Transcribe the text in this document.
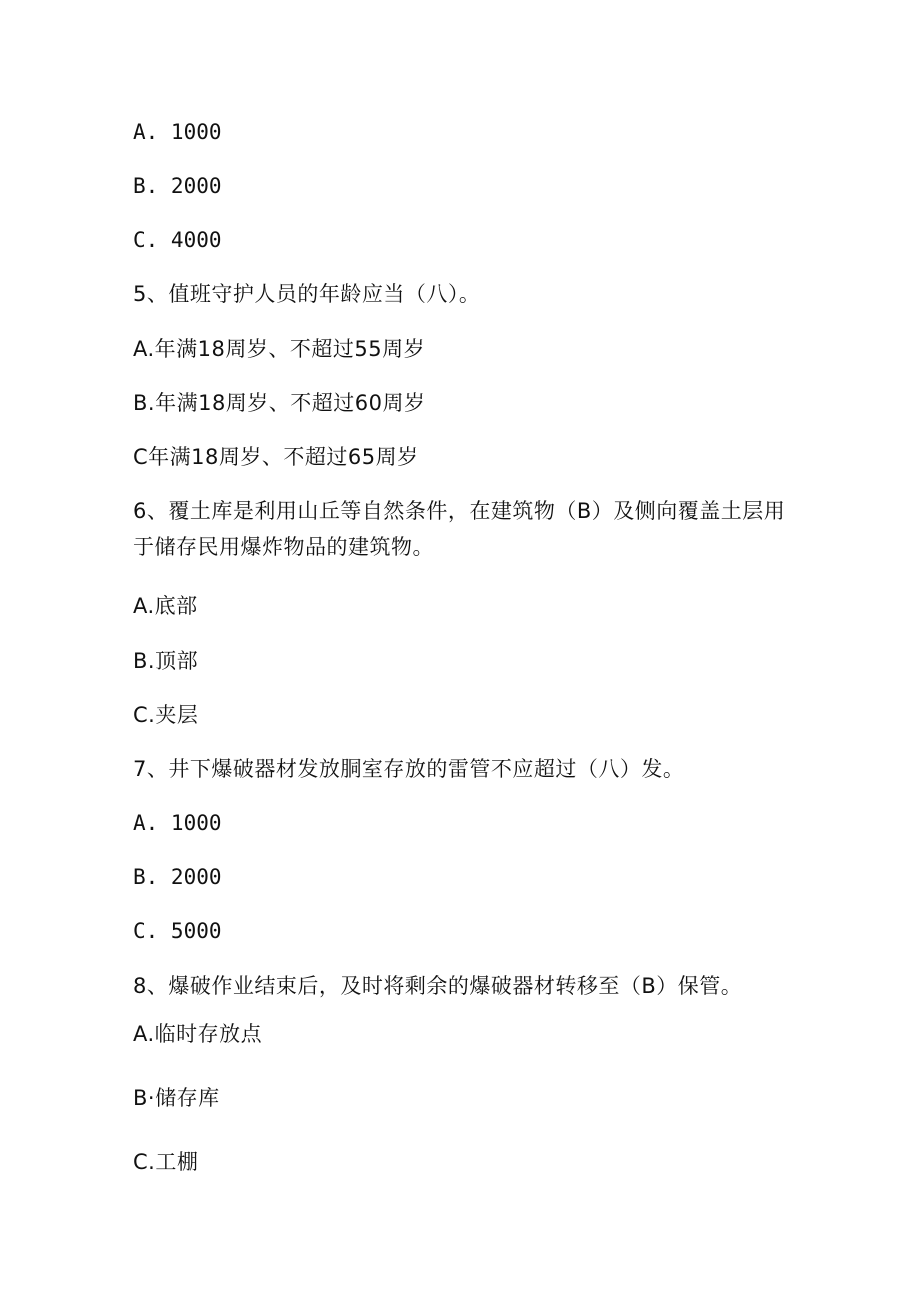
A. 1000
B. 2000
C. 4000
5、值班守护人员的年龄应当（八）。
A.年满18周岁、不超过55周岁
B.年满18周岁、不超过60周岁
C年满18周岁、不超过65周岁
6、覆土库是利用山丘等自然条件，在建筑物（B）及侧向覆盖土层用于储存民用爆炸物品的建筑物。
A.底部
B.顶部
C.夹层
7、井下爆破器材发放胴室存放的雷管不应超过（八）发。
A. 1000
B. 2000
C. 5000
8、爆破作业结束后，及时将剩余的爆破器材转移至（B）保管。
A.临时存放点
B·储存库
C.工棚
